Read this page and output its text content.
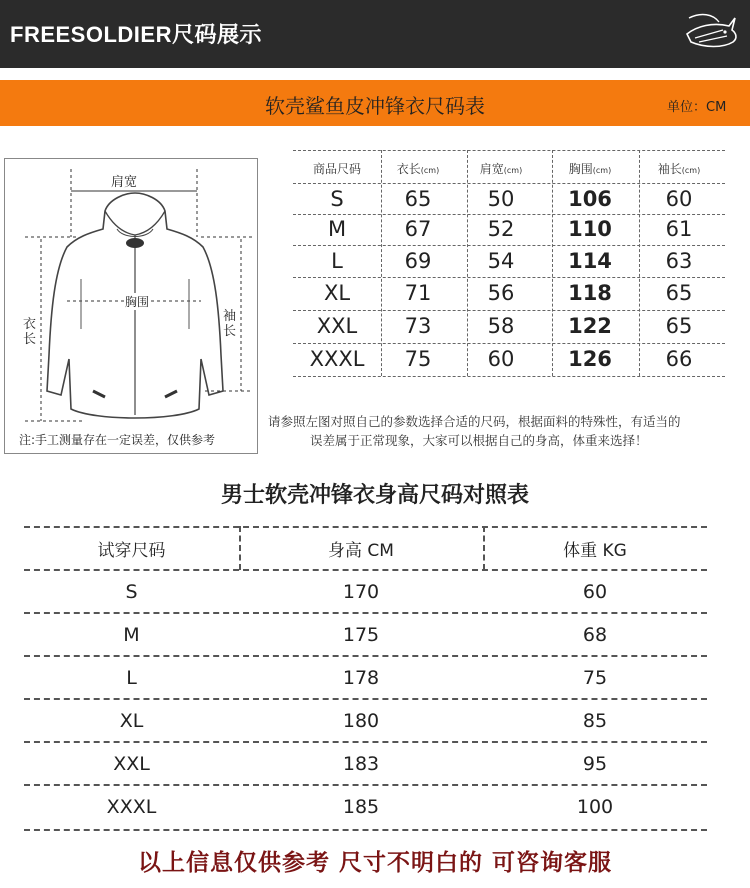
FREESOLDIER尺码展示
软壳鲨鱼皮冲锋衣尺码表	单位：CM
肩宽
胸围
衣长
袖长
注:手工测量存在一定误差，仅供参考
商品尺码	衣长(cm)	肩宽(cm)	胸围(cm)	袖长(cm)
S	65	50	106	60
M	67	52	110	61
L	69	54	114	63
XL	71	56	118	65
XXL	73	58	122	65
XXXL	75	60	126	66
请参照左图对照自己的参数选择合适的尺码，根据面料的特殊性，有适当的
误差属于正常现象，大家可以根据自己的身高，体重来选择！
男士软壳冲锋衣身高尺码对照表
试穿尺码	身高 CM	体重 KG
S	170	60
M	175	68
L	178	75
XL	180	85
XXL	183	95
XXXL	185	100
以上信息仅供参考 尺寸不明白的 可咨询客服
